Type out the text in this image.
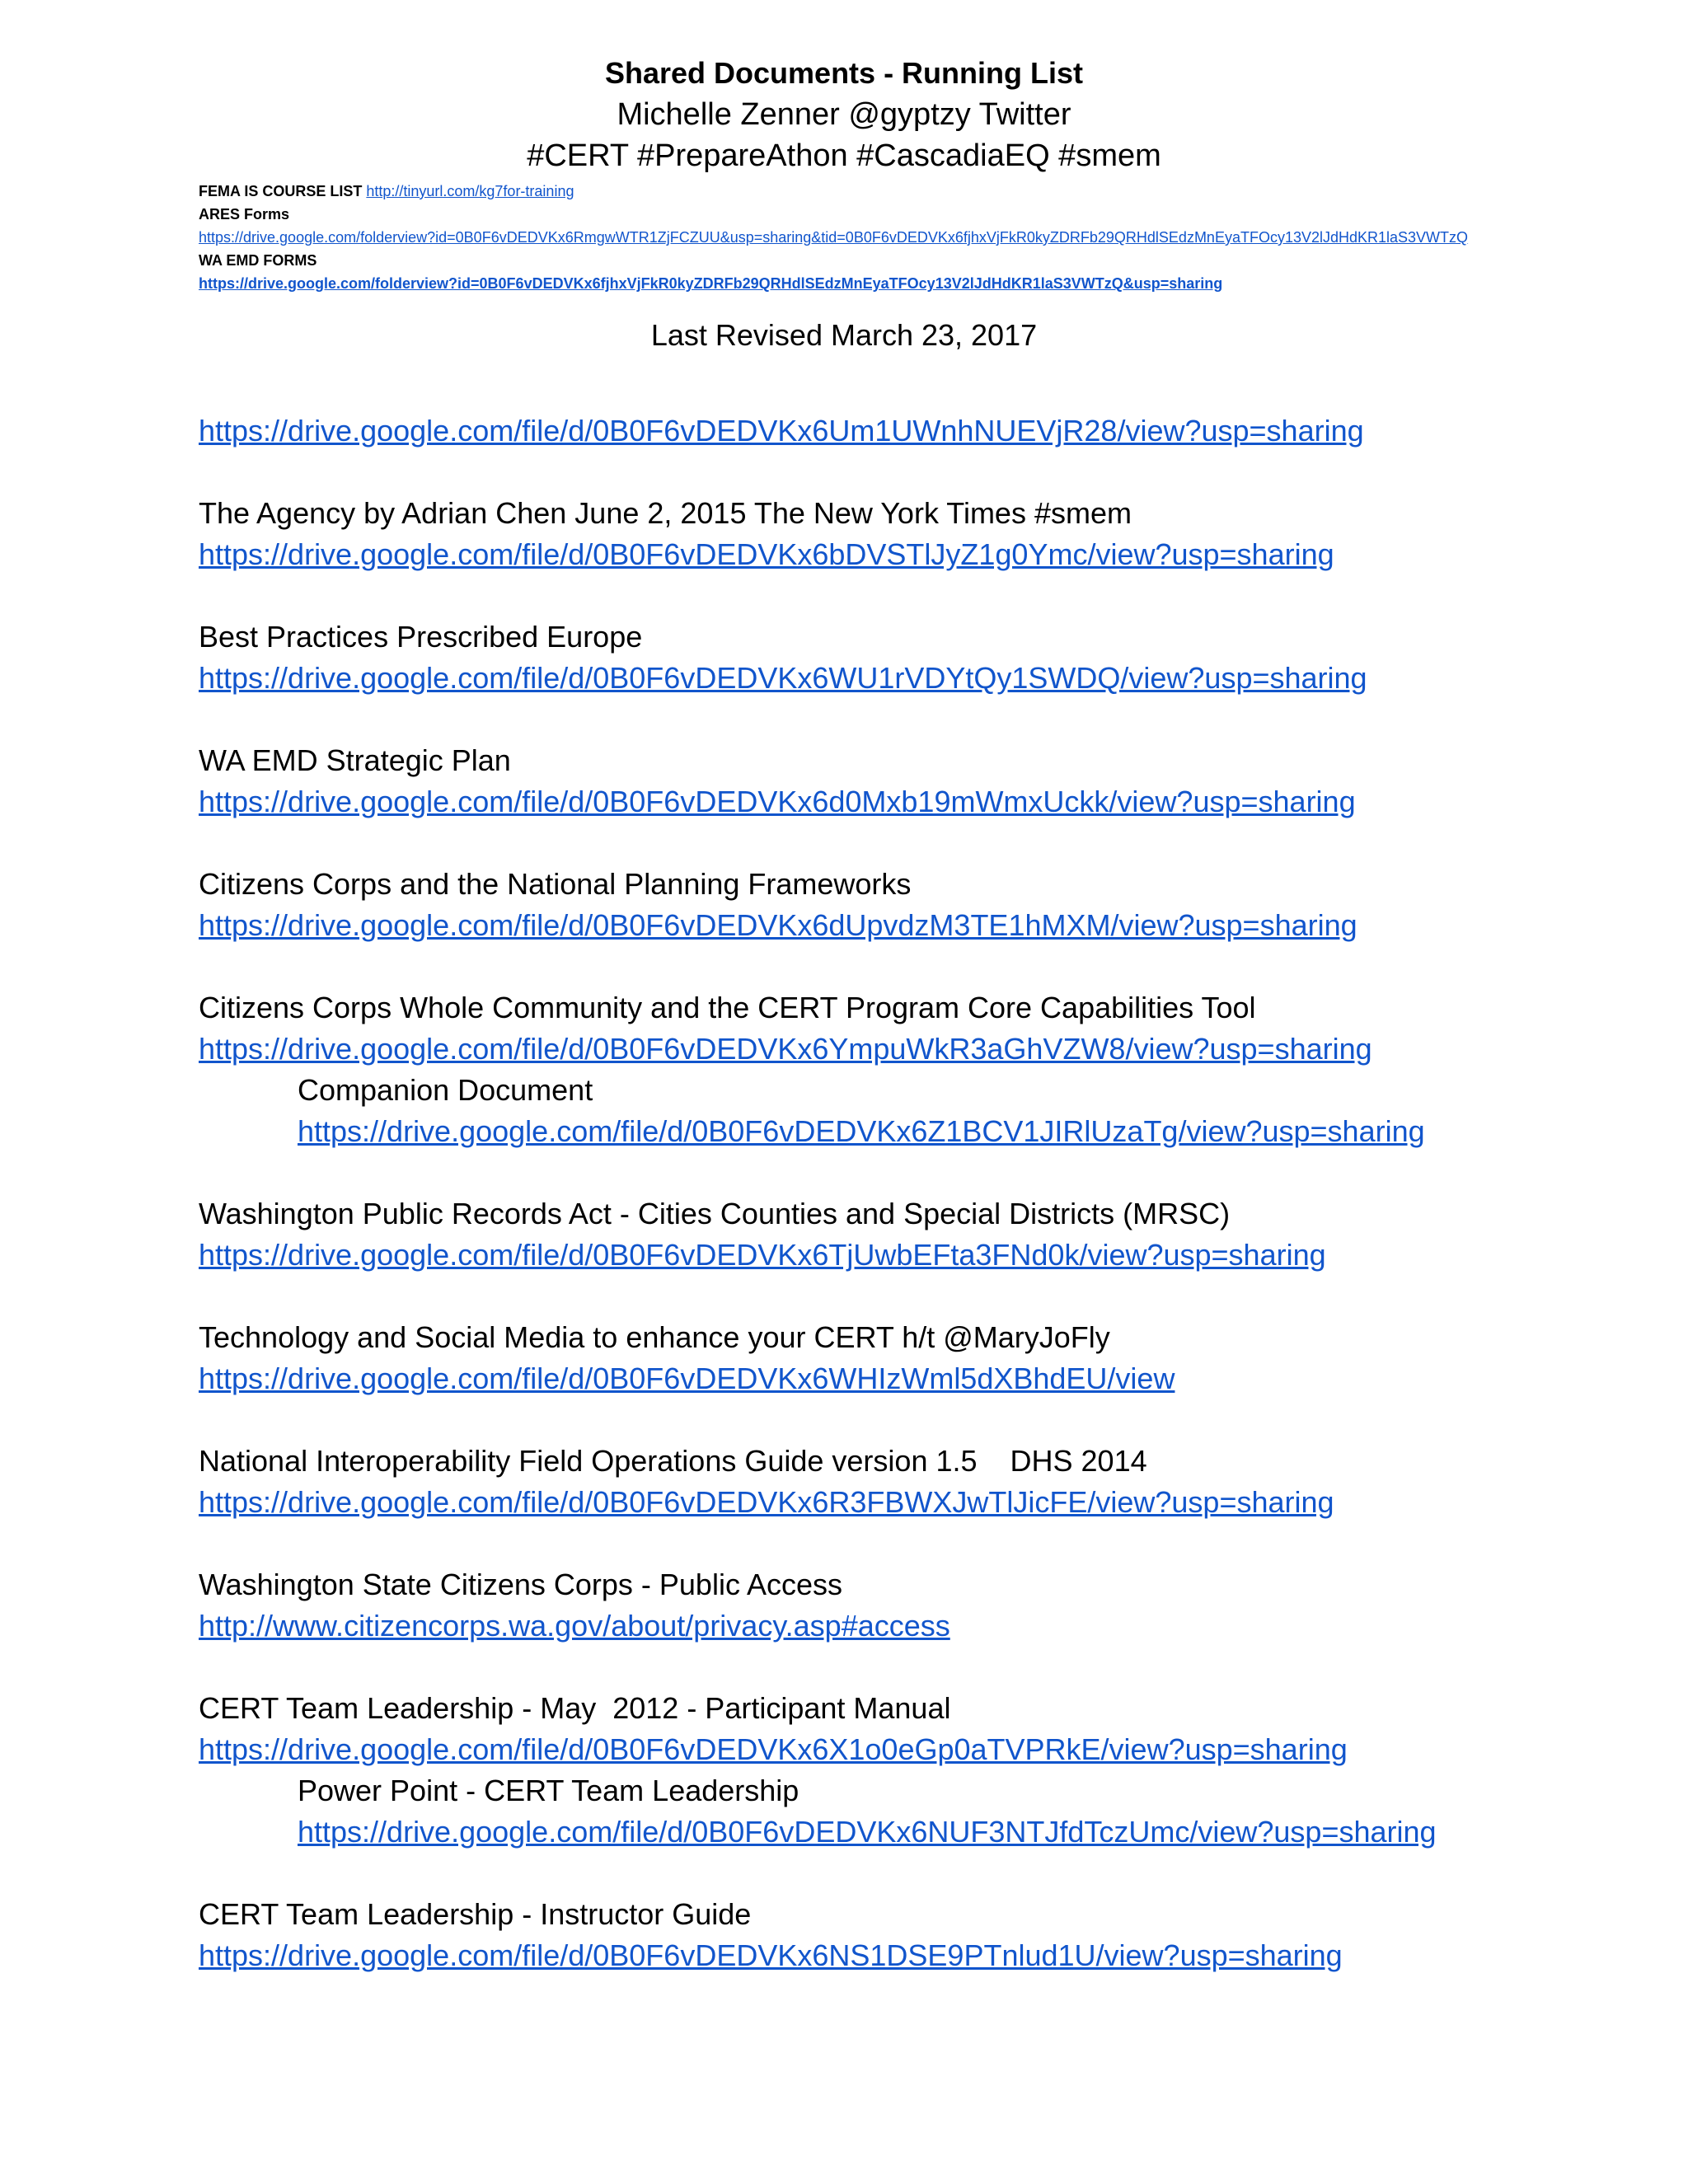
Shared Documents - Running List
Michelle Zenner @gyptzy Twitter
#CERT #PrepareAthon #CascadiaEQ #smem
FEMA IS COURSE LIST http://tinyurl.com/kg7for-training
ARES Forms
https://drive.google.com/folderview?id=0B0F6vDEDVKx6RmgwWTR1ZjFCZUU&usp=sharing&tid=0B0F6vDEDVKx6fjhxVjFkR0kyZDRFb29QRHdlSEdzMnEyaTFOcy13V2lJdHdKR1laS3VWTzQ
WA EMD FORMS
https://drive.google.com/folderview?id=0B0F6vDEDVKx6fjhxVjFkR0kyZDRFb29QRHdlSEdzMnEyaTFOcy13V2lJdHdKR1laS3VWTzQ&usp=sharing
Last Revised March 23, 2017
https://drive.google.com/file/d/0B0F6vDEDVKx6Um1UWnhNUEVjR28/view?usp=sharing
The Agency by Adrian Chen June 2, 2015 The New York Times #smem
https://drive.google.com/file/d/0B0F6vDEDVKx6bDVSTlJyZ1g0Ymc/view?usp=sharing
Best Practices Prescribed Europe
https://drive.google.com/file/d/0B0F6vDEDVKx6WU1rVDYtQy1SWDQ/view?usp=sharing
WA EMD Strategic Plan
https://drive.google.com/file/d/0B0F6vDEDVKx6d0Mxb19mWmxUckk/view?usp=sharing
Citizens Corps and the National Planning Frameworks
https://drive.google.com/file/d/0B0F6vDEDVKx6dUpvdzM3TE1hMXM/view?usp=sharing
Citizens Corps Whole Community and the CERT Program Core Capabilities Tool
https://drive.google.com/file/d/0B0F6vDEDVKx6YmpuWkR3aGhVZW8/view?usp=sharing
Companion Document
https://drive.google.com/file/d/0B0F6vDEDVKx6Z1BCV1JIRlUzaTg/view?usp=sharing
Washington Public Records Act - Cities Counties and Special Districts (MRSC)
https://drive.google.com/file/d/0B0F6vDEDVKx6TjUwbEFta3FNd0k/view?usp=sharing
Technology and Social Media to enhance your CERT h/t @MaryJoFly
https://drive.google.com/file/d/0B0F6vDEDVKx6WHIzWml5dXBhdEU/view
National Interoperability Field Operations Guide version 1.5    DHS 2014
https://drive.google.com/file/d/0B0F6vDEDVKx6R3FBWXJwTlJicFE/view?usp=sharing
Washington State Citizens Corps - Public Access
http://www.citizencorps.wa.gov/about/privacy.asp#access
CERT Team Leadership - May  2012 - Participant Manual
https://drive.google.com/file/d/0B0F6vDEDVKx6X1o0eGp0aTVPRkE/view?usp=sharing
Power Point - CERT Team Leadership
https://drive.google.com/file/d/0B0F6vDEDVKx6NUF3NTJfdTczUmc/view?usp=sharing
CERT Team Leadership - Instructor Guide
https://drive.google.com/file/d/0B0F6vDEDVKx6NS1DSE9PTnlud1U/view?usp=sharing
